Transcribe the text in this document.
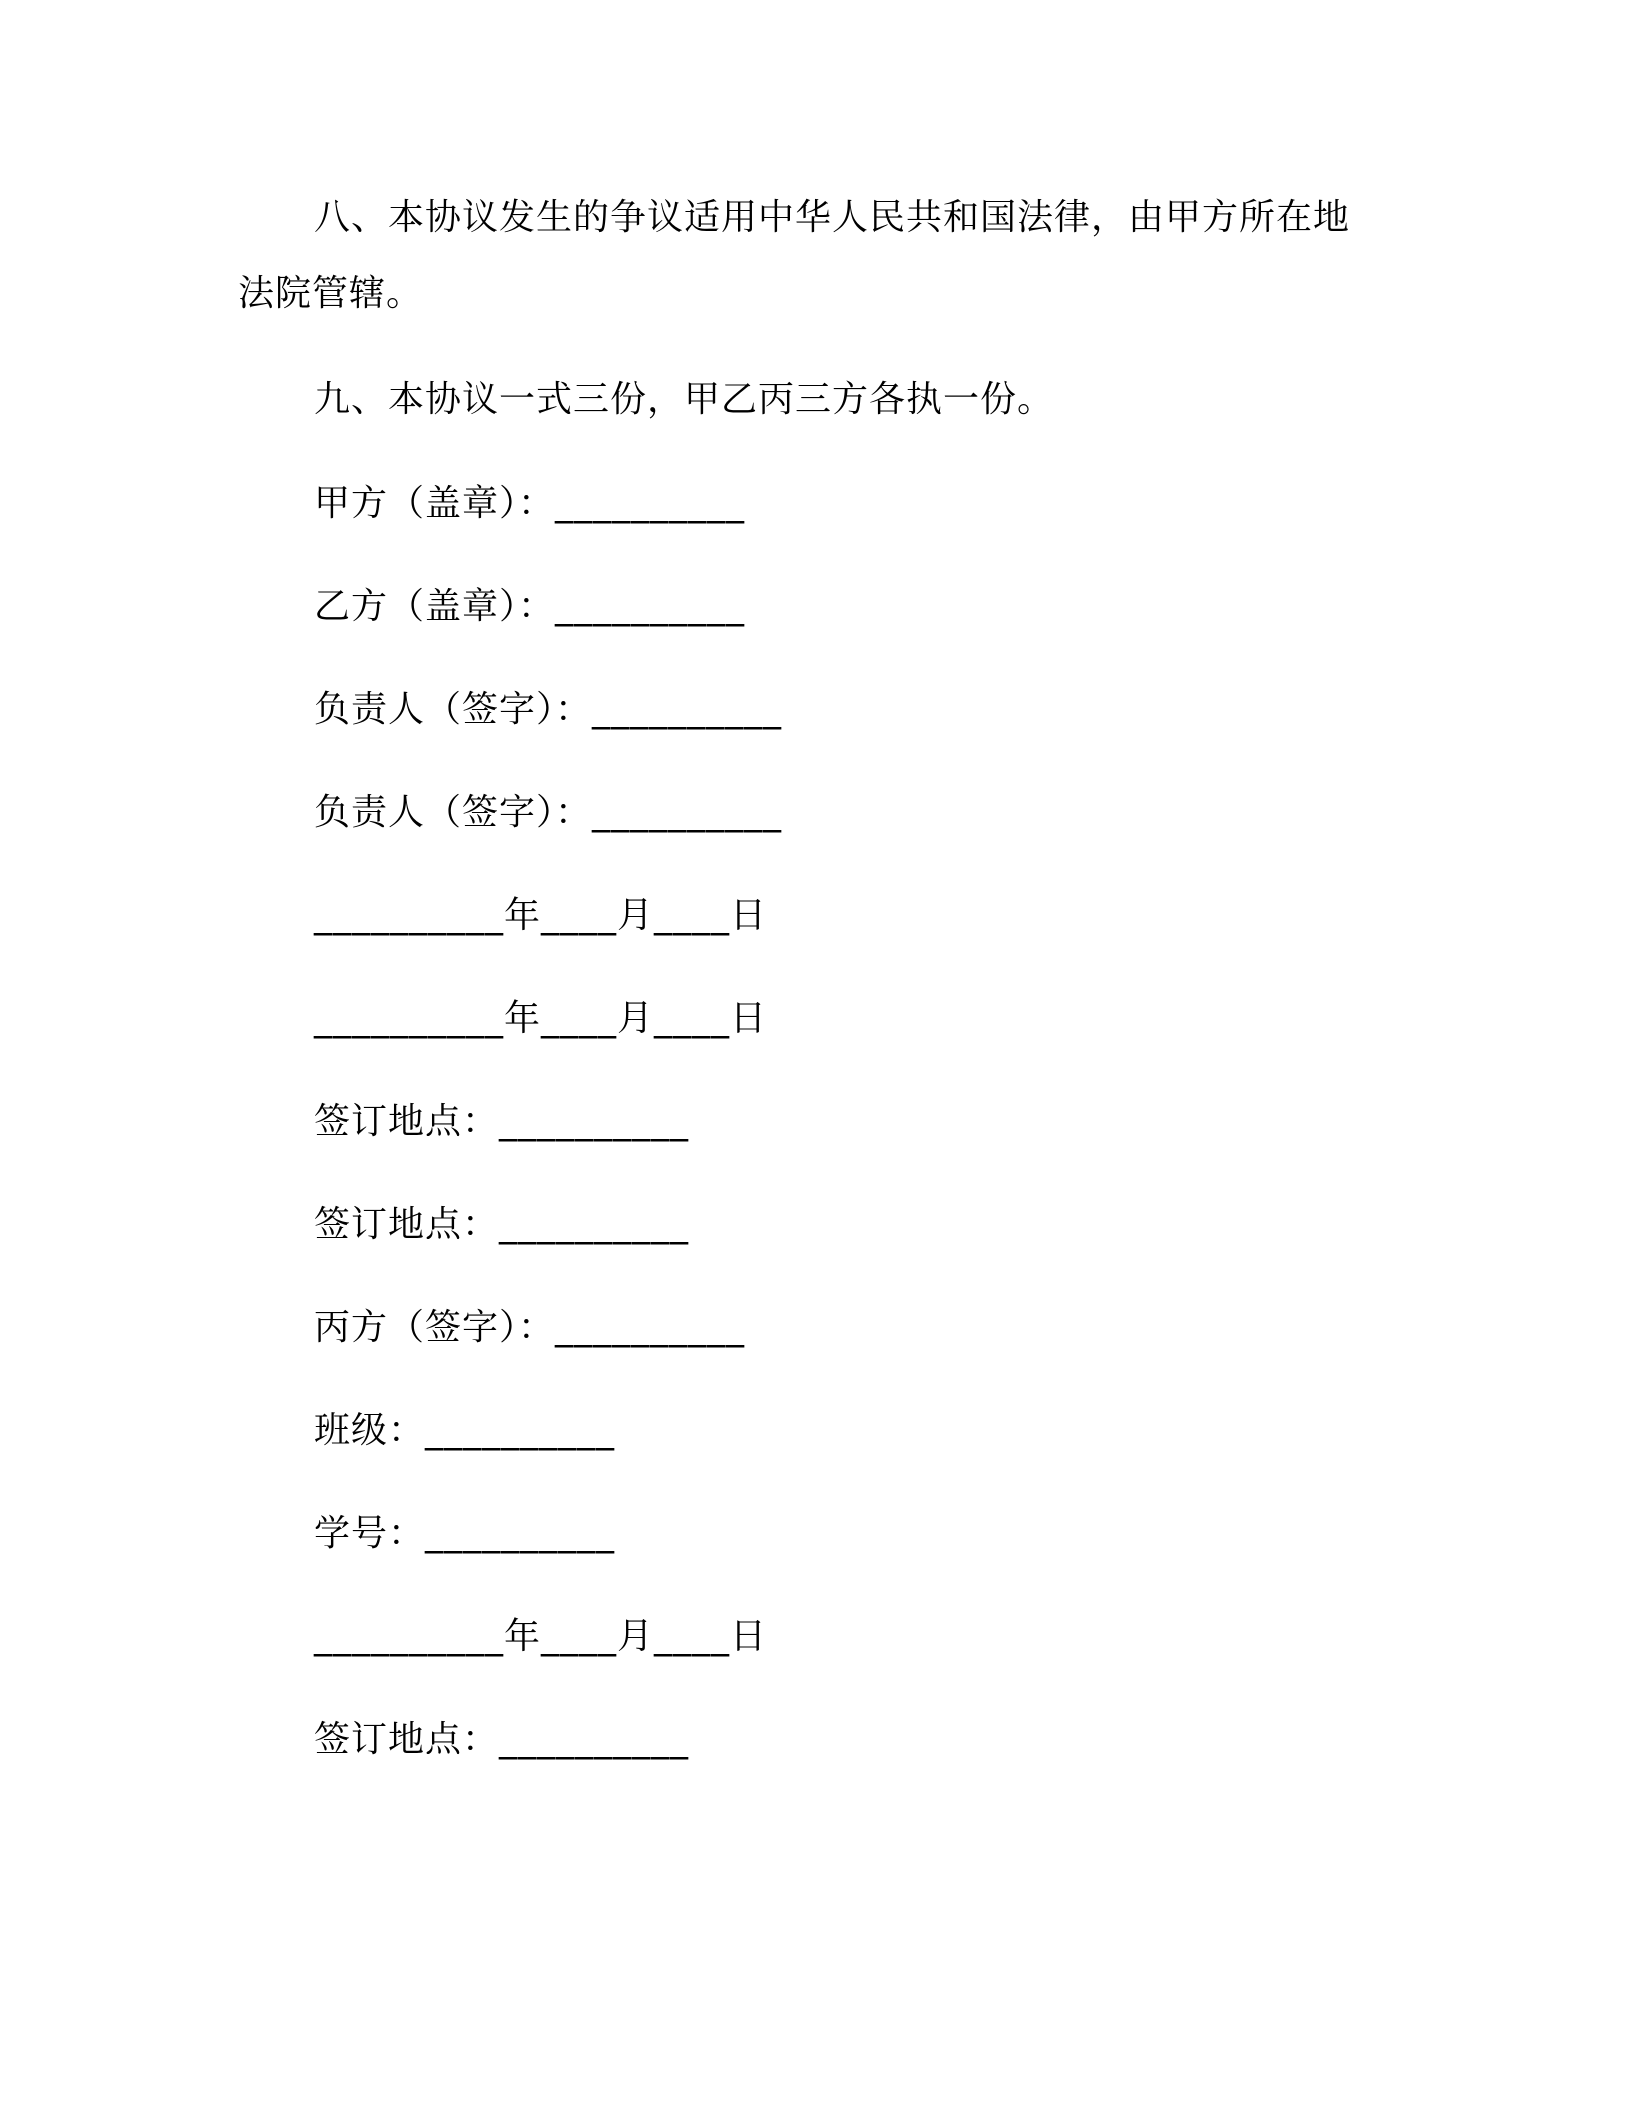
八、本协议发生的争议适用中华人民共和国法律，由甲方所在地
法院管辖。
九、本协议一式三份，甲乙丙三方各执一份。
甲方（盖章）：__________
乙方（盖章）：__________
负责人（签字）：__________
负责人（签字）：__________
__________年____月____日
__________年____月____日
签订地点：__________
签订地点：__________
丙方（签字）：__________
班级：__________
学号：__________
__________年____月____日
签订地点：__________
